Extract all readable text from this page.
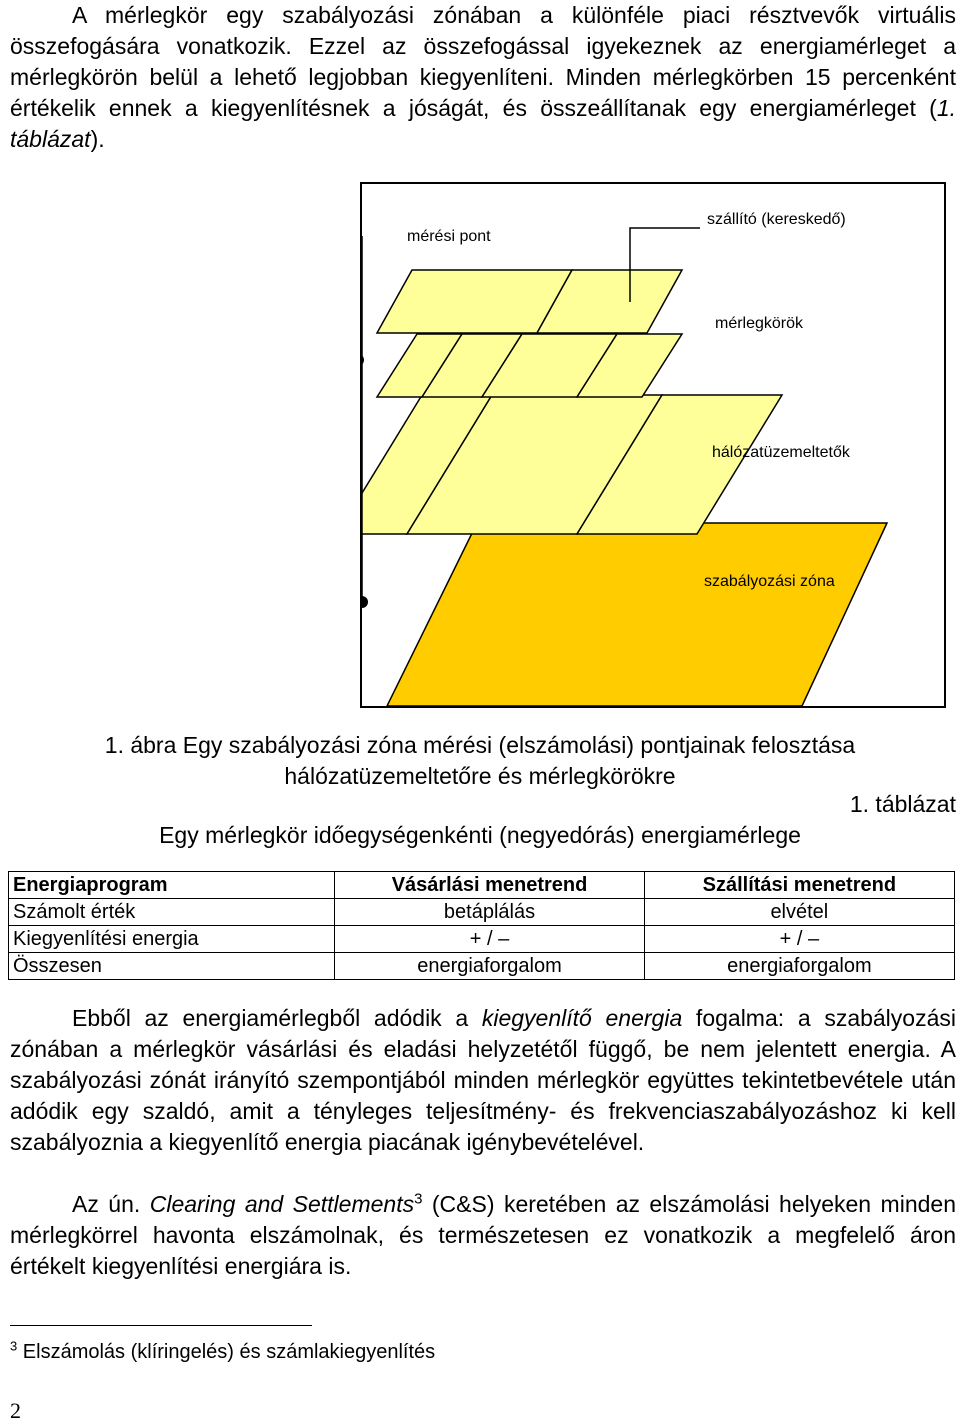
A mérlegkör egy szabályozási zónában a különféle piaci résztvevők virtuális összefogására vonatkozik. Ezzel az összefogással igyekeznek az energiamérleget a mérlegkörön belül a lehető legjobban kiegyenlíteni. Minden mérlegkörben 15 percenként értékelik ennek a kiegyenlítésnek a jóságát, és összeállítanak egy energiamérleget (1. táblázat).

mérési pont
szállító (kereskedő)
mérlegkörök
hálózatüzemeltetők
szabályozási zóna
1. ábra Egy szabályozási zóna mérési (elszámolási) pontjainak felosztása
hálózatüzemeltetőre és mérlegkörökre
1. táblázat
Egy mérlegkör időegységenkénti (negyedórás) energiamérlege
Energiaprogram	Vásárlási menetrend	Szállítási menetrend
Számolt érték	betáplálás	elvétel
Kiegyenlítési energia	+ / –	+ / –
Összesen	energiaforgalom	energiaforgalom

Ebből az energiamérlegből adódik a kiegyenlítő energia fogalma: a szabályozási zónában a mérlegkör vásárlási és eladási helyzetétől függő, be nem jelentett energia. A szabályozási zónát irányító szempontjából minden mérlegkör együttes tekintetbevétele után adódik egy szaldó, amit a tényleges teljesítmény- és frekvenciaszabályozáshoz ki kell szabályoznia a kiegyenlítő energia piacának igénybevételével.

Az ún. Clearing and Settlements$^3$ (C&S) keretében az elszámolási helyeken minden mérlegkörrel havonta elszámolnak, és természetesen ez vonatkozik a megfelelő áron értékelt kiegyenlítési energiára is.

$^3$ Elszámolás (klíringelés) és számlakiegyenlítés
2
